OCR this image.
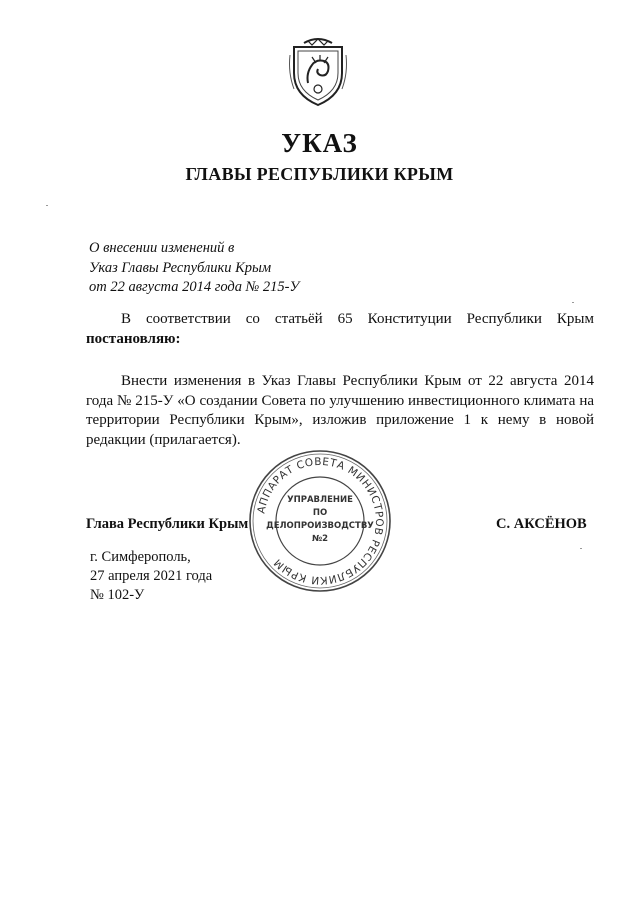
УКАЗ
ГЛАВЫ РЕСПУБЛИКИ КРЫМ
О внесении изменений в
Указ Главы Республики Крым
от 22 августа 2014 года № 215-У
В соответствии со статьёй 65 Конституции Республики Крым
постановляю:
Внести изменения в Указ Главы Республики Крым от 22 августа 2014 года № 215-У «О создании Совета по улучшению инвестиционного климата на территории Республики Крым», изложив приложение 1 к нему в новой редакции (прилагается).
Глава Республики Крым	С. АКСЁНОВ
АППАРАТ СОВЕТА МИНИСТРОВ РЕСПУБЛИКИ КРЫМ
УПРАВЛЕНИЕ
ПО
ДЕЛОПРОИЗВОДСТВУ
№2
г. Симферополь,
27 апреля 2021 года
№ 102-У
